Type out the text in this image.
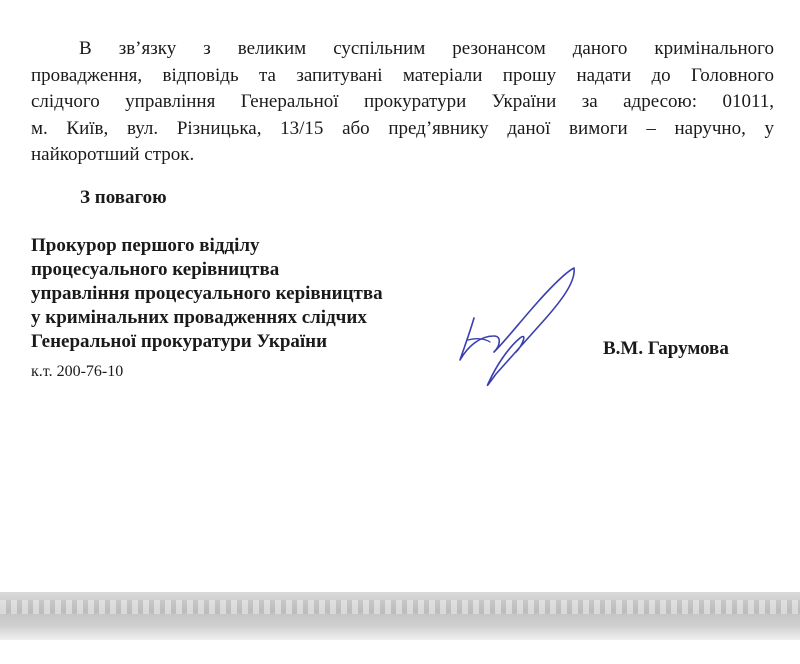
В зв’язку з великим суспільним резонансом даного кримінального
провадження, відповідь та запитувані матеріали прошу надати до Головного
слідчого управління Генеральної прокуратури України за адресою: 01011,
м. Київ, вул. Різницька, 13/15 або пред’явнику даної вимоги – наручно, у
найкоротший строк.

З повагою

Прокурор першого відділу
процесуального керівництва
управління процесуального керівництва
у кримінальних провадженнях слідчих
Генеральної прокуратури України
к.т. 200-76-10
В.М. Гарумова
